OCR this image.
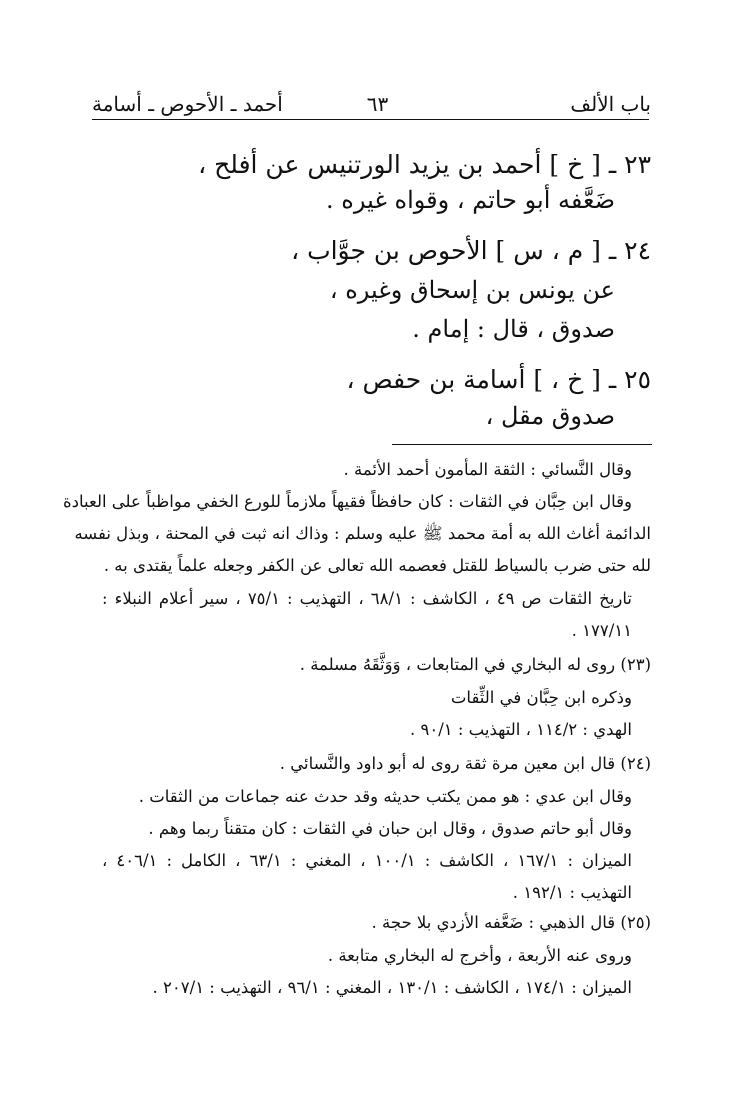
باب الألف
٦٣
أحمد ـ الأحوص ـ أسامة
٢٣ ـ [ خ ] أحمد بن يزيد الورتنيس عن أفلح ،
ضَعَّفه أبو حاتم ، وقواه غيره .
٢٤ ـ [ م ، س ] الأحوص بن جوَّاب ،
عن يونس بن إسحاق وغيره ،
صدوق ، قال : إمام .
٢٥ ـ [ خ ، ] أسامة بن حفص ،
صدوق مقل ،
وقال النَّسائي : الثقة المأمون أحمد الأئمة .
وقال ابن حِبَّان في الثقات : كان حافظاً فقيهاً ملازماً للورع الخفي مواظباً على العبادة
الدائمة أغاث الله به أمة محمد ﷺ عليه وسلم : وذاك انه ثبت في المحنة ، وبذل نفسه
لله حتى ضرب بالسياط للقتل فعصمه الله تعالى عن الكفر وجعله علماً يقتدى به .
تاريخ الثقات ص ٤٩ ، الكاشف : ٦٨/١ ، التهذيب : ٧٥/١ ، سير أعلام النبلاء :
١٧٧/١١ .
(٢٣) روى له البخاري في المتابعات ، وَوَثَّقَهُ مسلمة .
وذكره ابن حِبَّان في الثِّقات
الهدي : ١١٤/٢ ، التهذيب : ٩٠/١ .
(٢٤) قال ابن معين مرة ثقة روى له أبو داود والنَّسائي .
وقال ابن عدي : هو ممن يكتب حديثه وقد حدث عنه جماعات من الثقات .
وقال أبو حاتم صدوق ، وقال ابن حبان في الثقات : كان متقناً ربما وهم .
الميزان : ١٦٧/١ ، الكاشف : ١٠٠/١ ، المغني : ٦٣/١ ، الكامل : ٤٠٦/١ ،
التهذيب : ١٩٢/١ .
(٢٥) قال الذهبي : ضَعَّفه الأزدي بلا حجة .
وروى عنه الأربعة ، وأخرج له البخاري متابعة .
الميزان : ١٧٤/١ ، الكاشف : ١٣٠/١ ، المغني : ٩٦/١ ، التهذيب : ٢٠٧/١ .
